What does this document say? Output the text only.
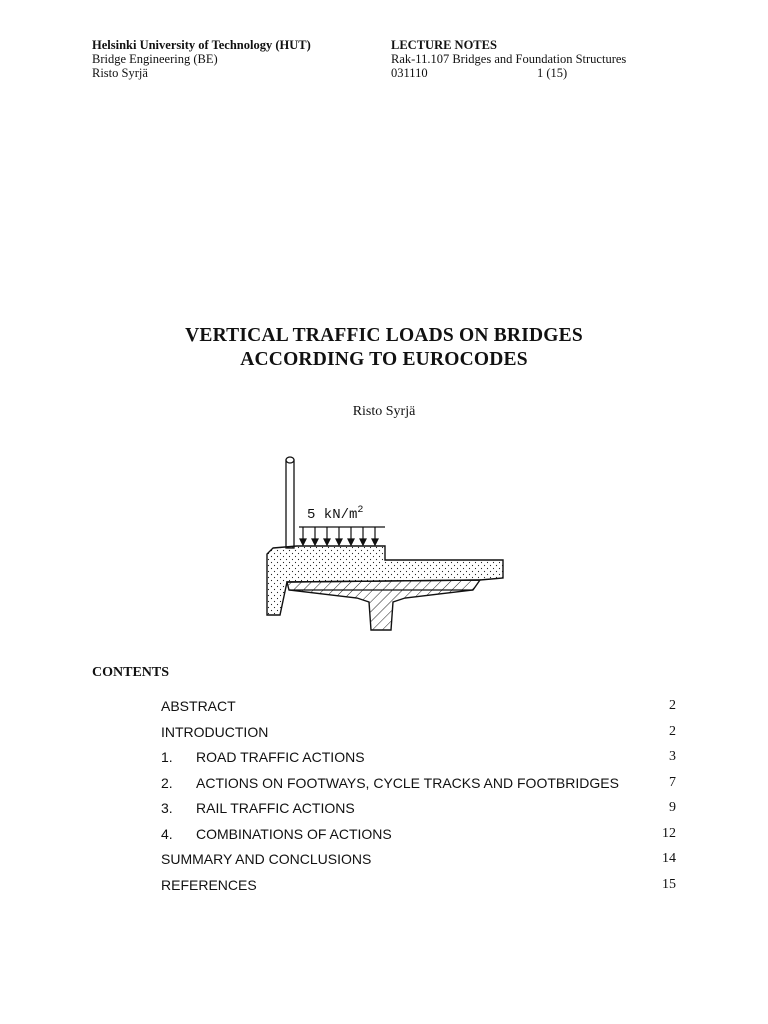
Helsinki University of Technology (HUT)
Bridge Engineering (BE)
Risto Syrjä
LECTURE NOTES
Rak-11.107 Bridges and Foundation Structures
031110	1 (15)
VERTICAL TRAFFIC LOADS ON BRIDGES
ACCORDING TO EUROCODES
Risto Syrjä
5 $kN/m^2$
CONTENTS
ABSTRACT	2
INTRODUCTION	2
1. ROAD TRAFFIC ACTIONS	3
2. ACTIONS ON FOOTWAYS, CYCLE TRACKS AND FOOTBRIDGES	7
3. RAIL TRAFFIC ACTIONS	9
4. COMBINATIONS OF ACTIONS	12
SUMMARY AND CONCLUSIONS	14
REFERENCES	15
